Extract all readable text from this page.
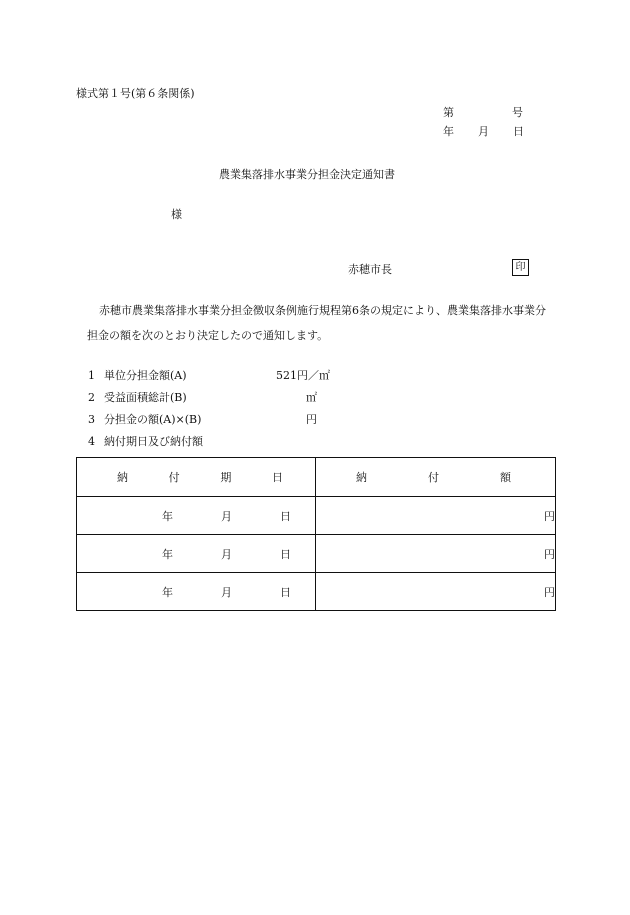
様式第１号(第６条関係)
第	号
年 月 日
農業集落排水事業分担金決定通知書
様
赤穂市長	印
赤穂市農業集落排水事業分担金徴収条例施行規程第6条の規定により、農業集落排水事業分担金の額を次のとおり決定したので通知します。
1 単位分担金額(A)	521円／㎡
2 受益面積総計(B)	㎡
3 分担金の額(A)×(B)	円
4 納付期日及び納付額
納 付 期 日	納 付 額

年 月 日	円

年 月 日	円

年 月 日	円
